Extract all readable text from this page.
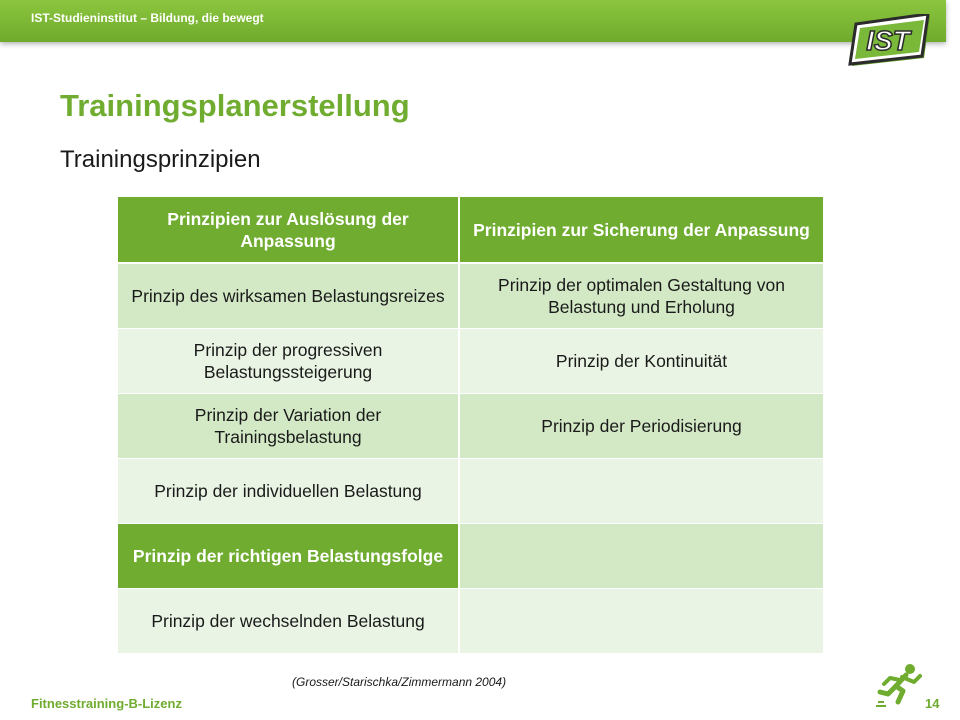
IST-Studieninstitut – Bildung, die bewegt
IST
Trainingsplanerstellung
Trainingsprinzipien
Prinzipien zur Auslösung der Anpassung	Prinzipien zur Sicherung der Anpassung
Prinzip des wirksamen Belastungsreizes	Prinzip der optimalen Gestaltung von Belastung und Erholung
Prinzip der progressiven Belastungssteigerung	Prinzip der Kontinuität
Prinzip der Variation der Trainingsbelastung	Prinzip der Periodisierung
Prinzip der individuellen Belastung	
Prinzip der richtigen Belastungsfolge	
Prinzip der wechselnden Belastung	
(Grosser/Starischka/Zimmermann 2004)
Fitnesstraining-B-Lizenz	14
